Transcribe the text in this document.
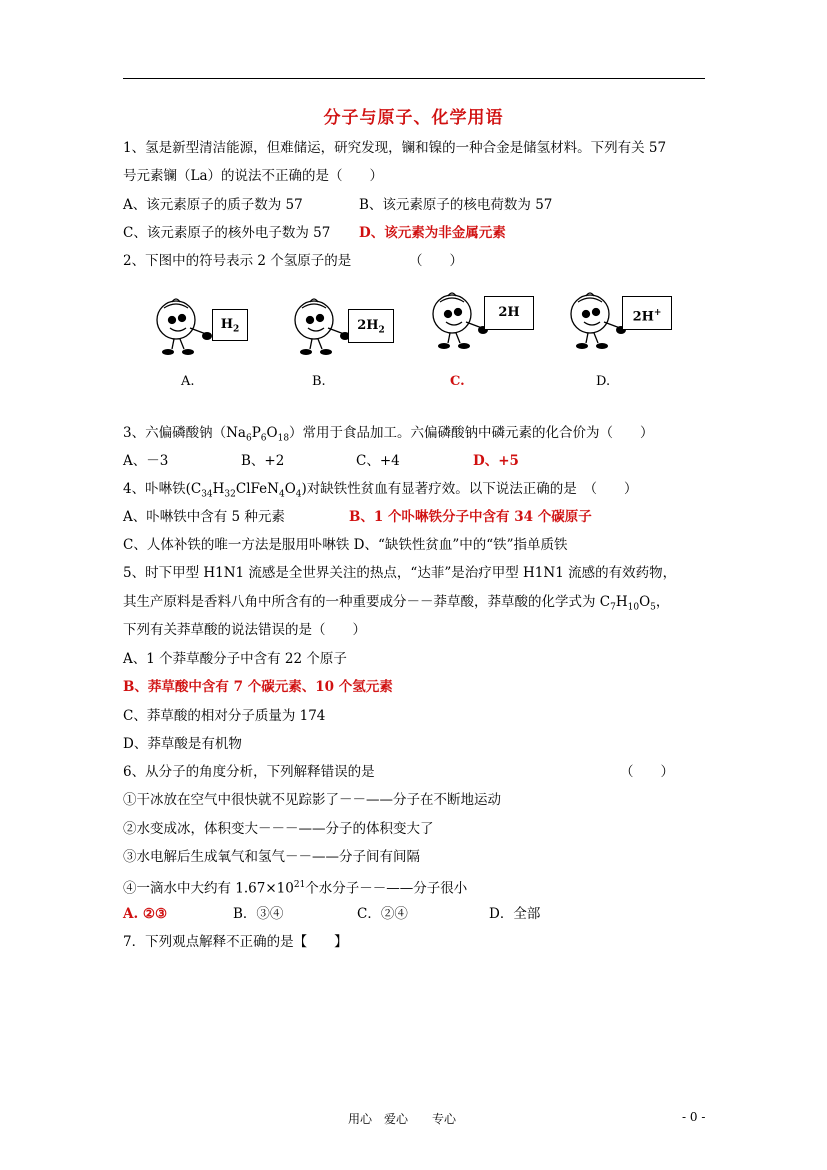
分子与原子、化学用语
1、氢是新型清洁能源，但难储运，研究发现，镧和镍的一种合金是储氢材料。下列有关 57
号元素镧（La）的说法不正确的是（　　）
A、该元素原子的质子数为 57	B、该元素原子的核电荷数为 57
C、该元素原子的核外电子数为 57 D、该元素为非金属元素
2、下图中的符号表示 2 个氢原子的是	（　　）
$H_2$	$2H_2$
2H	2H+
A.	B.	C.	D.
3、六偏磷酸钠$(Na_6P_6O_{18})$常用于食品加工。六偏磷酸钠中磷元素的化合价为（　　）
A、－3	B、+2	C、+4	D、+5
4、卟啉铁$(C_{34}H_{32}ClFeN_4O_4)$对缺铁性贫血有显著疗效。以下说法正确的是　（　　）
A、卟啉铁中含有 5 种元素	B、1 个卟啉铁分子中含有 34 个碳原子
C、人体补铁的唯一方法是服用卟啉铁 D、“缺铁性贫血”中的“铁”指单质铁
5、时下甲型 H1N1 流感是全世界关注的热点，“达菲”是治疗甲型 H1N1 流感的有效药物，
其生产原料是香料八角中所含有的一种重要成分－－莽草酸，莽草酸的化学式为 $C_7H_{10}O_5$，
下列有关莽草酸的说法错误的是（　　）
A、1 个莽草酸分子中含有 22 个原子
B、莽草酸中含有 7 个碳元素、10 个氢元素
C、莽草酸的相对分子质量为 174
D、莽草酸是有机物
6、从分子的角度分析，下列解释错误的是	（　　）
①干冰放在空气中很快就不见踪影了－－——分子在不断地运动
②水变成冰，体积变大－－－——分子的体积变大了
③水电解后生成氧气和氢气－－——分子间有间隔
④一滴水中大约有 $1.67\times 10^{21}$个水分子－－——分子很小
A. ②③	B．③④	C．②④	D．全部
7．下列观点解释不正确的是【　　】
用心　爱心　　专心	- 0 -
